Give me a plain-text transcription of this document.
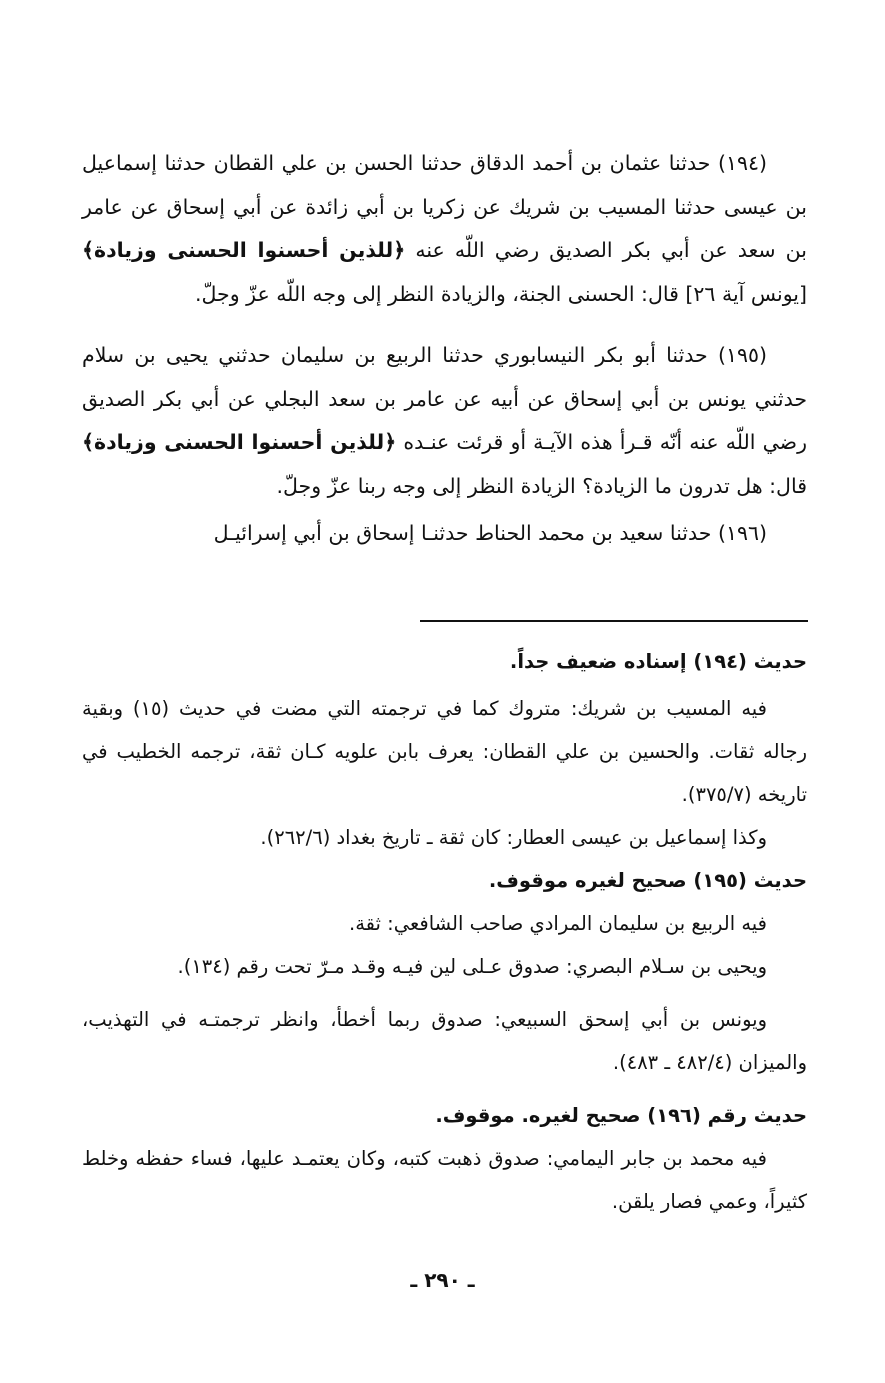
(١٩٤) حدثنا عثمان بن أحمد الدقاق حدثنا الحسن بن علي القطان حدثنا إسماعيل بن عيسى حدثنا المسيب بن شريك عن زكريا بن أبي زائدة عن أبي إسحاق عن عامر بن سعد عن أبي بكر الصديق رضي اللّه عنه ﴿للذين أحسنوا الحسنى وزيادة﴾ [يونس آية ٢٦] قال: الحسنى الجنة، والزيادة النظر إلى وجه اللّه عزّ وجلّ.

(١٩٥) حدثنا أبو بكر النيسابوري حدثنا الربيع بن سليمان حدثني يحيى بن سلام حدثني يونس بن أبي إسحاق عن أبيه عن عامر بن سعد البجلي عن أبي بكر الصديق رضي اللّه عنه أنّه قـرأ هذه الآيـة أو قرئت عنـده ﴿للذين أحسنوا الحسنى وزيادة﴾ قال: هل تدرون ما الزيادة؟ الزيادة النظر إلى وجه ربنا عزّ وجلّ.

(١٩٦) حدثنا سعيد بن محمد الحناط حدثنـا إسحاق بن أبي إسرائيـل

حديث (١٩٤) إسناده ضعيف جداً.

فيه المسيب بن شريك: متروك كما في ترجمته التي مضت في حديث (١٥) وبقية رجاله ثقات. والحسين بن علي القطان: يعرف بابن علويه كـان ثقة، ترجمه الخطيب في تاريخه (٣٧٥/٧).

وكذا إسماعيل بن عيسى العطار: كان ثقة ـ تاريخ بغداد (٢٦٢/٦).

حديث (١٩٥) صحيح لغيره موقوف.

فيه الربيع بن سليمان المرادي صاحب الشافعي: ثقة.

ويحيى بن سـلام البصري: صدوق عـلى لين فيـه وقـد مـرّ تحت رقم (١٣٤).

ويونس بن أبي إسحق السبيعي: صدوق ربما أخطأ، وانظر ترجمتـه في التهذيب، والميزان (٤٨٢/٤ ـ ٤٨٣).

حديث رقم (١٩٦) صحيح لغيره. موقوف.

فيه محمد بن جابر اليمامي: صدوق ذهبت كتبه، وكان يعتمـد عليها، فساء حفظه وخلط كثيراً، وعمي فصار يلقن.

ـ ٢٩٠ ـ
